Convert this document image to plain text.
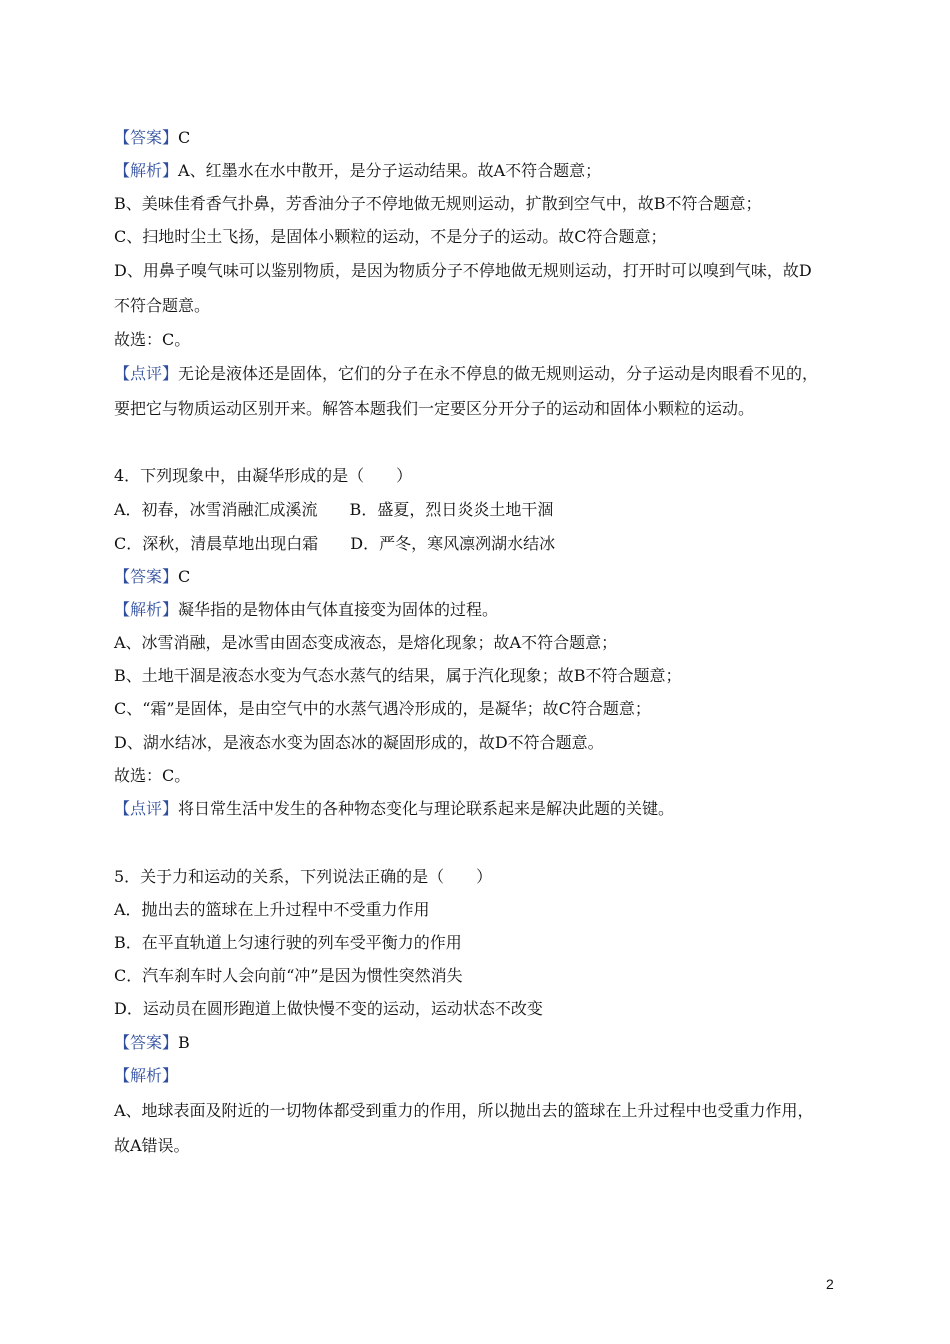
【答案】C
【解析】A、红墨水在水中散开，是分子运动结果。故A不符合题意；
B、美味佳肴香气扑鼻，芳香油分子不停地做无规则运动，扩散到空气中，故B不符合题意；
C、扫地时尘土飞扬，是固体小颗粒的运动，不是分子的运动。故C符合题意；
D、用鼻子嗅气味可以鉴别物质，是因为物质分子不停地做无规则运动，打开时可以嗅到气味，故D
不符合题意。
故选：C。
【点评】无论是液体还是固体，它们的分子在永不停息的做无规则运动，分子运动是肉眼看不见的，
要把它与物质运动区别开来。解答本题我们一定要区分开分子的运动和固体小颗粒的运动。
4．下列现象中，由凝华形成的是（　　）
A．初春，冰雪消融汇成溪流　　B．盛夏，烈日炎炎土地干涸
C．深秋，清晨草地出现白霜　　D．严冬，寒风凛冽湖水结冰
【答案】C
【解析】凝华指的是物体由气体直接变为固体的过程。
A、冰雪消融，是冰雪由固态变成液态，是熔化现象；故A不符合题意；
B、土地干涸是液态水变为气态水蒸气的结果，属于汽化现象；故B不符合题意；
C、“霜”是固体，是由空气中的水蒸气遇冷形成的，是凝华；故C符合题意；
D、湖水结冰，是液态水变为固态冰的凝固形成的，故D不符合题意。
故选：C。
【点评】将日常生活中发生的各种物态变化与理论联系起来是解决此题的关键。
5．关于力和运动的关系，下列说法正确的是（　　）
A．抛出去的篮球在上升过程中不受重力作用
B．在平直轨道上匀速行驶的列车受平衡力的作用
C．汽车刹车时人会向前“冲”是因为惯性突然消失
D．运动员在圆形跑道上做快慢不变的运动，运动状态不改变
【答案】B
【解析】
A、地球表面及附近的一切物体都受到重力的作用，所以抛出去的篮球在上升过程中也受重力作用，
故A错误。
2
